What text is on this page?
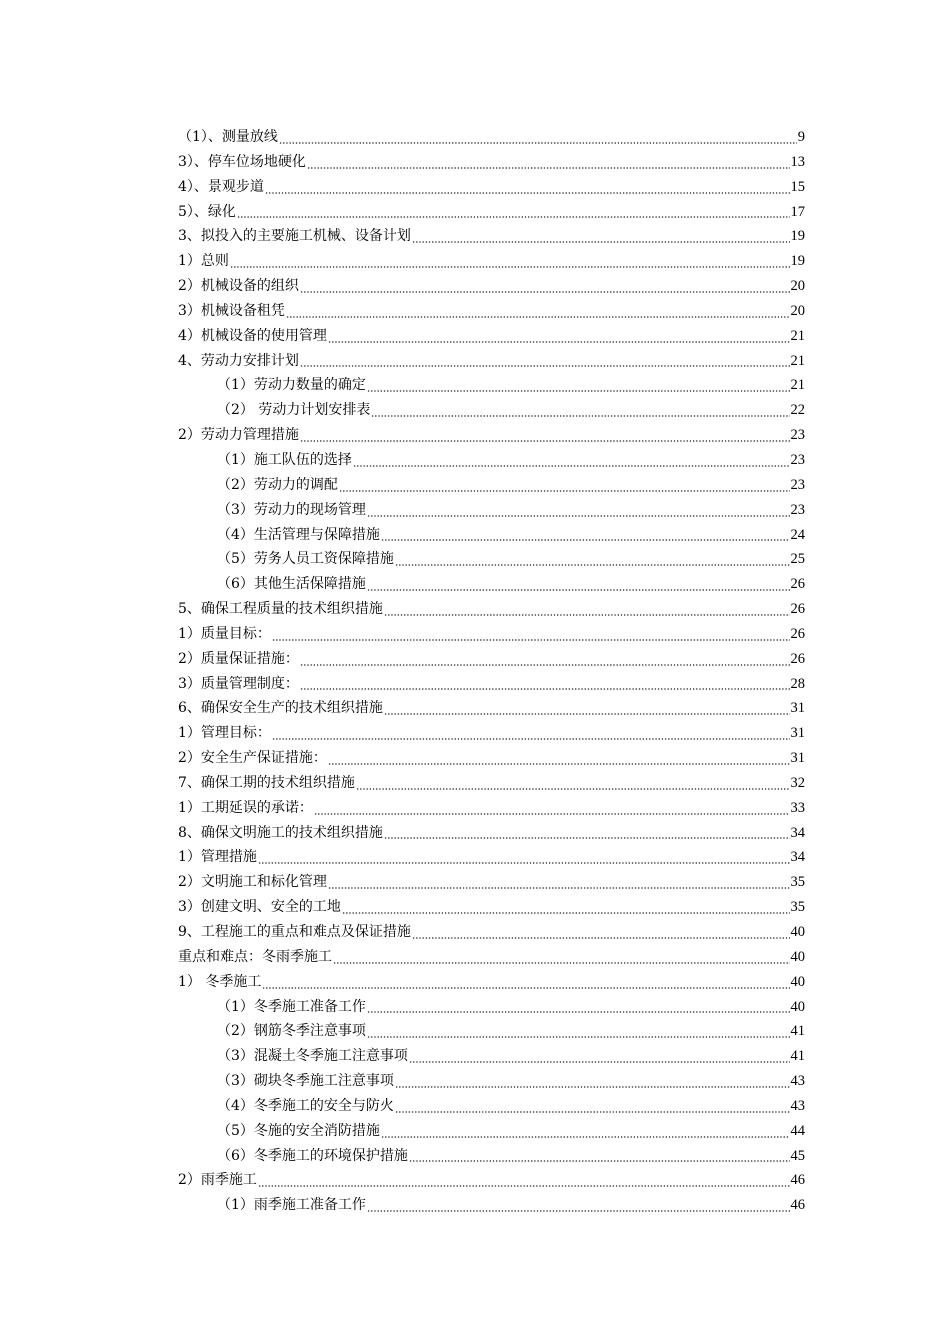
（1）、测量放线	9
3）、停车位场地硬化	13
4）、景观步道	15
5）、绿化	17
3、拟投入的主要施工机械、设备计划	19
1）总则	19
2）机械设备的组织	20
3）机械设备租凭	20
4）机械设备的使用管理	21
4、劳动力安排计划	21
（1）劳动力数量的确定	21
（2） 劳动力计划安排表	22
2）劳动力管理措施	23
（1）施工队伍的选择	23
（2）劳动力的调配	23
（3）劳动力的现场管理	23
（4）生活管理与保障措施	24
（5）劳务人员工资保障措施	25
（6）其他生活保障措施	26
5、确保工程质量的技术组织措施	26
1）质量目标：	26
2）质量保证措施：	26
3）质量管理制度：	28
6、确保安全生产的技术组织措施	31
1）管理目标：	31
2）安全生产保证措施：	31
7、确保工期的技术组织措施	32
1）工期延误的承诺：	33
8、确保文明施工的技术组织措施	34
1）管理措施	34
2）文明施工和标化管理	35
3）创建文明、安全的工地	35
9、工程施工的重点和难点及保证措施	40
重点和难点：冬雨季施工	40
1） 冬季施工	40
（1）冬季施工准备工作	40
（2）钢筋冬季注意事项	41
（3）混凝土冬季施工注意事项	41
（3）砌块冬季施工注意事项	43
（4）冬季施工的安全与防火	43
（5）冬施的安全消防措施	44
（6）冬季施工的环境保护措施	45
2）雨季施工	46
（1）雨季施工准备工作	46
